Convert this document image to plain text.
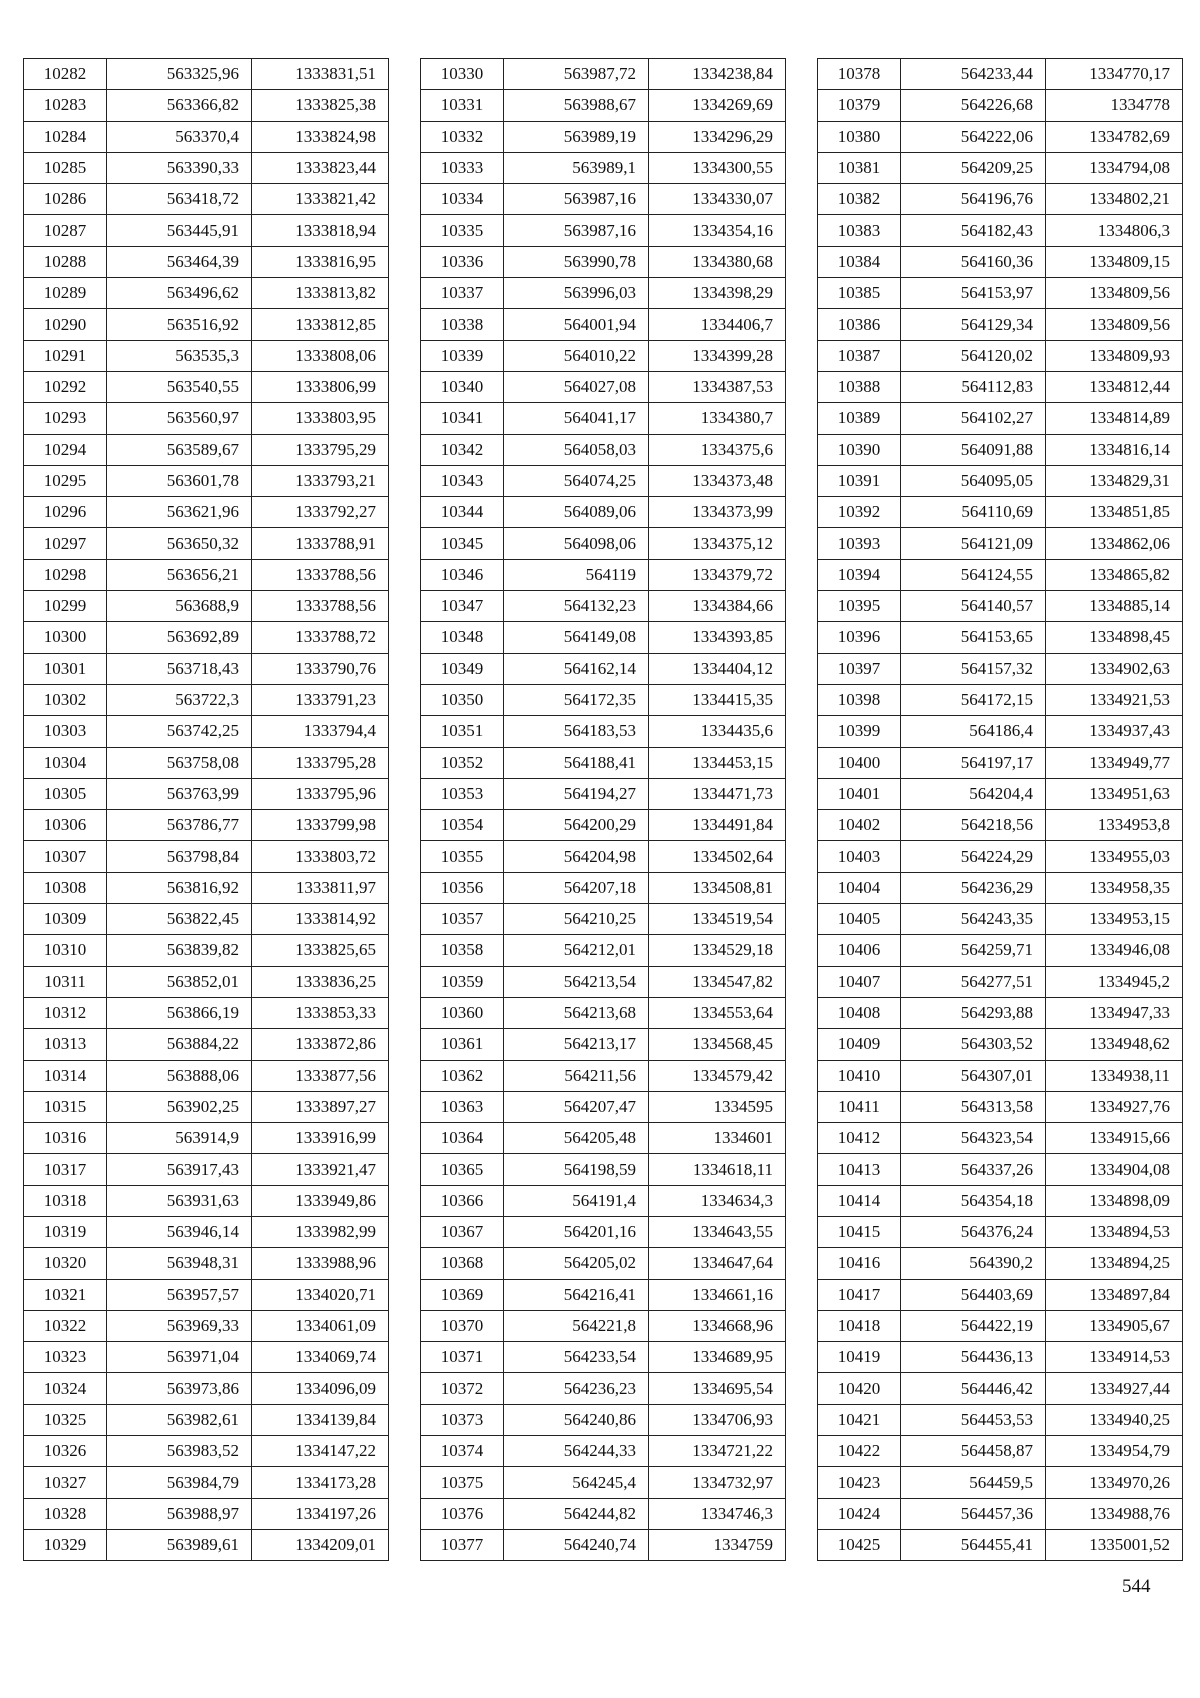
10282	563325,96	1333831,51
10283	563366,82	1333825,38
10284	563370,4	1333824,98
10285	563390,33	1333823,44
10286	563418,72	1333821,42
10287	563445,91	1333818,94
10288	563464,39	1333816,95
10289	563496,62	1333813,82
10290	563516,92	1333812,85
10291	563535,3	1333808,06
10292	563540,55	1333806,99
10293	563560,97	1333803,95
10294	563589,67	1333795,29
10295	563601,78	1333793,21
10296	563621,96	1333792,27
10297	563650,32	1333788,91
10298	563656,21	1333788,56
10299	563688,9	1333788,56
10300	563692,89	1333788,72
10301	563718,43	1333790,76
10302	563722,3	1333791,23
10303	563742,25	1333794,4
10304	563758,08	1333795,28
10305	563763,99	1333795,96
10306	563786,77	1333799,98
10307	563798,84	1333803,72
10308	563816,92	1333811,97
10309	563822,45	1333814,92
10310	563839,82	1333825,65
10311	563852,01	1333836,25
10312	563866,19	1333853,33
10313	563884,22	1333872,86
10314	563888,06	1333877,56
10315	563902,25	1333897,27
10316	563914,9	1333916,99
10317	563917,43	1333921,47
10318	563931,63	1333949,86
10319	563946,14	1333982,99
10320	563948,31	1333988,96
10321	563957,57	1334020,71
10322	563969,33	1334061,09
10323	563971,04	1334069,74
10324	563973,86	1334096,09
10325	563982,61	1334139,84
10326	563983,52	1334147,22
10327	563984,79	1334173,28
10328	563988,97	1334197,26
10329	563989,61	1334209,01
10330	563987,72	1334238,84
10331	563988,67	1334269,69
10332	563989,19	1334296,29
10333	563989,1	1334300,55
10334	563987,16	1334330,07
10335	563987,16	1334354,16
10336	563990,78	1334380,68
10337	563996,03	1334398,29
10338	564001,94	1334406,7
10339	564010,22	1334399,28
10340	564027,08	1334387,53
10341	564041,17	1334380,7
10342	564058,03	1334375,6
10343	564074,25	1334373,48
10344	564089,06	1334373,99
10345	564098,06	1334375,12
10346	564119	1334379,72
10347	564132,23	1334384,66
10348	564149,08	1334393,85
10349	564162,14	1334404,12
10350	564172,35	1334415,35
10351	564183,53	1334435,6
10352	564188,41	1334453,15
10353	564194,27	1334471,73
10354	564200,29	1334491,84
10355	564204,98	1334502,64
10356	564207,18	1334508,81
10357	564210,25	1334519,54
10358	564212,01	1334529,18
10359	564213,54	1334547,82
10360	564213,68	1334553,64
10361	564213,17	1334568,45
10362	564211,56	1334579,42
10363	564207,47	1334595
10364	564205,48	1334601
10365	564198,59	1334618,11
10366	564191,4	1334634,3
10367	564201,16	1334643,55
10368	564205,02	1334647,64
10369	564216,41	1334661,16
10370	564221,8	1334668,96
10371	564233,54	1334689,95
10372	564236,23	1334695,54
10373	564240,86	1334706,93
10374	564244,33	1334721,22
10375	564245,4	1334732,97
10376	564244,82	1334746,3
10377	564240,74	1334759
10378	564233,44	1334770,17
10379	564226,68	1334778
10380	564222,06	1334782,69
10381	564209,25	1334794,08
10382	564196,76	1334802,21
10383	564182,43	1334806,3
10384	564160,36	1334809,15
10385	564153,97	1334809,56
10386	564129,34	1334809,56
10387	564120,02	1334809,93
10388	564112,83	1334812,44
10389	564102,27	1334814,89
10390	564091,88	1334816,14
10391	564095,05	1334829,31
10392	564110,69	1334851,85
10393	564121,09	1334862,06
10394	564124,55	1334865,82
10395	564140,57	1334885,14
10396	564153,65	1334898,45
10397	564157,32	1334902,63
10398	564172,15	1334921,53
10399	564186,4	1334937,43
10400	564197,17	1334949,77
10401	564204,4	1334951,63
10402	564218,56	1334953,8
10403	564224,29	1334955,03
10404	564236,29	1334958,35
10405	564243,35	1334953,15
10406	564259,71	1334946,08
10407	564277,51	1334945,2
10408	564293,88	1334947,33
10409	564303,52	1334948,62
10410	564307,01	1334938,11
10411	564313,58	1334927,76
10412	564323,54	1334915,66
10413	564337,26	1334904,08
10414	564354,18	1334898,09
10415	564376,24	1334894,53
10416	564390,2	1334894,25
10417	564403,69	1334897,84
10418	564422,19	1334905,67
10419	564436,13	1334914,53
10420	564446,42	1334927,44
10421	564453,53	1334940,25
10422	564458,87	1334954,79
10423	564459,5	1334970,26
10424	564457,36	1334988,76
10425	564455,41	1335001,52
544
